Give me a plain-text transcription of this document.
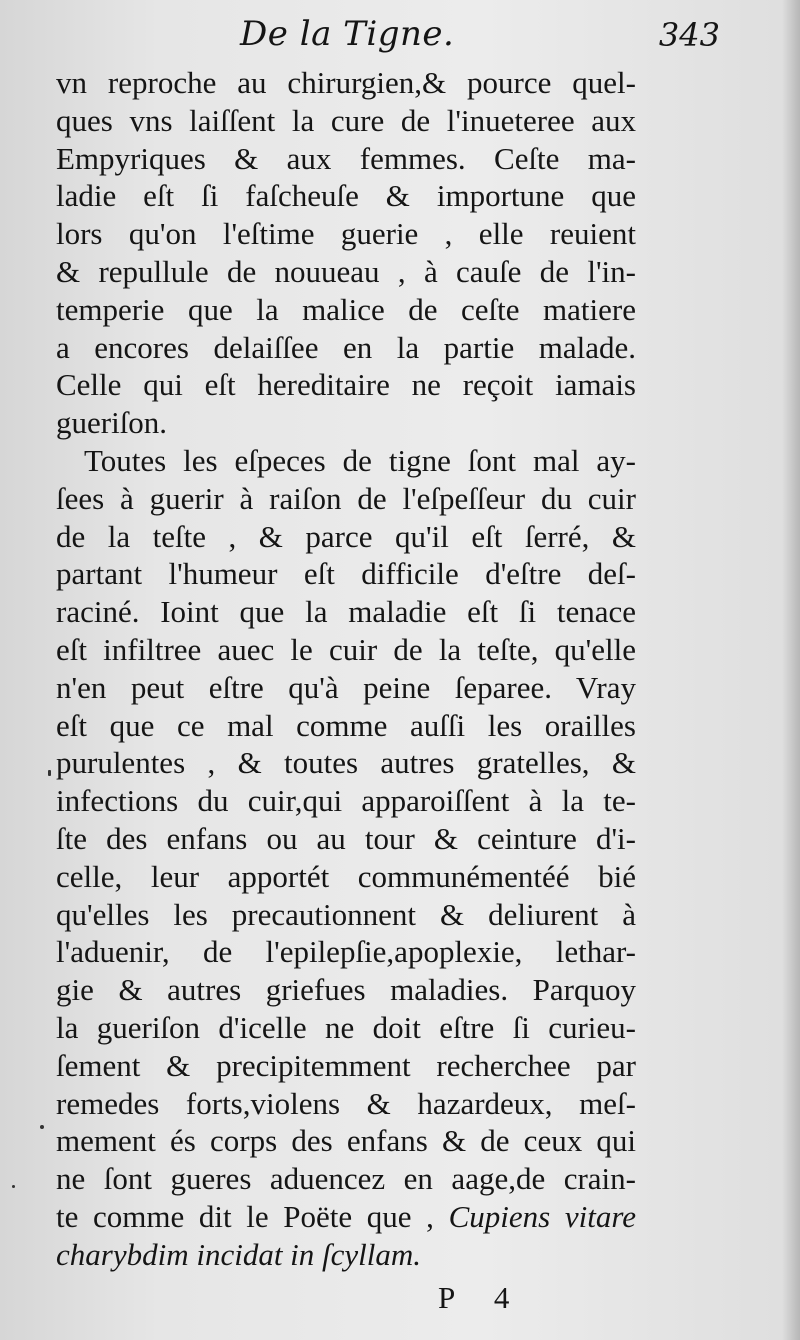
De la Tigne.	343
vn reproche au chirurgien,& pource quel-
ques vns laiſſent la cure de l'inueteree aux
Empyriques & aux femmes. Ceſte ma-
ladie eſt ſi faſcheuſe & importune que
lors qu'on l'eſtime guerie , elle reuient
& repullule de nouueau , à cauſe de l'in-
temperie que la malice de ceſte matiere
a encores delaiſſee en la partie malade.
Celle qui eſt hereditaire ne reçoit iamais
gueriſon.
Toutes les eſpeces de tigne ſont mal ay-
ſees à guerir à raiſon de l'eſpeſſeur du cuir
de la teſte , & parce qu'il eſt ſerré, &
partant l'humeur eſt difficile d'eſtre deſ-
raciné. Ioint que la maladie eſt ſi tenace
eſt infiltree auec le cuir de la teſte, qu'elle
n'en peut eſtre qu'à peine ſeparee. Vray
eſt que ce mal comme auſſi les orailles
purulentes , & toutes autres gratelles, &
infections du cuir,qui apparoiſſent à la te-
ſte des enfans ou au tour & ceinture d'i-
celle, leur apportét communémentéé bié
qu'elles les precautionnent & deliurent à
l'aduenir, de l'epilepſie,apoplexie, lethar-
gie & autres griefues maladies. Parquoy
la gueriſon d'icelle ne doit eſtre ſi curieu-
ſement & precipitemment recherchee par
remedes forts,violens & hazardeux, meſ-
mement és corps des enfans & de ceux qui
ne ſont gueres aduencez en aage,de crain-
te comme dit le Poëte que , Cupiens vitare
charybdim incidat in ſcyllam.
P 4
